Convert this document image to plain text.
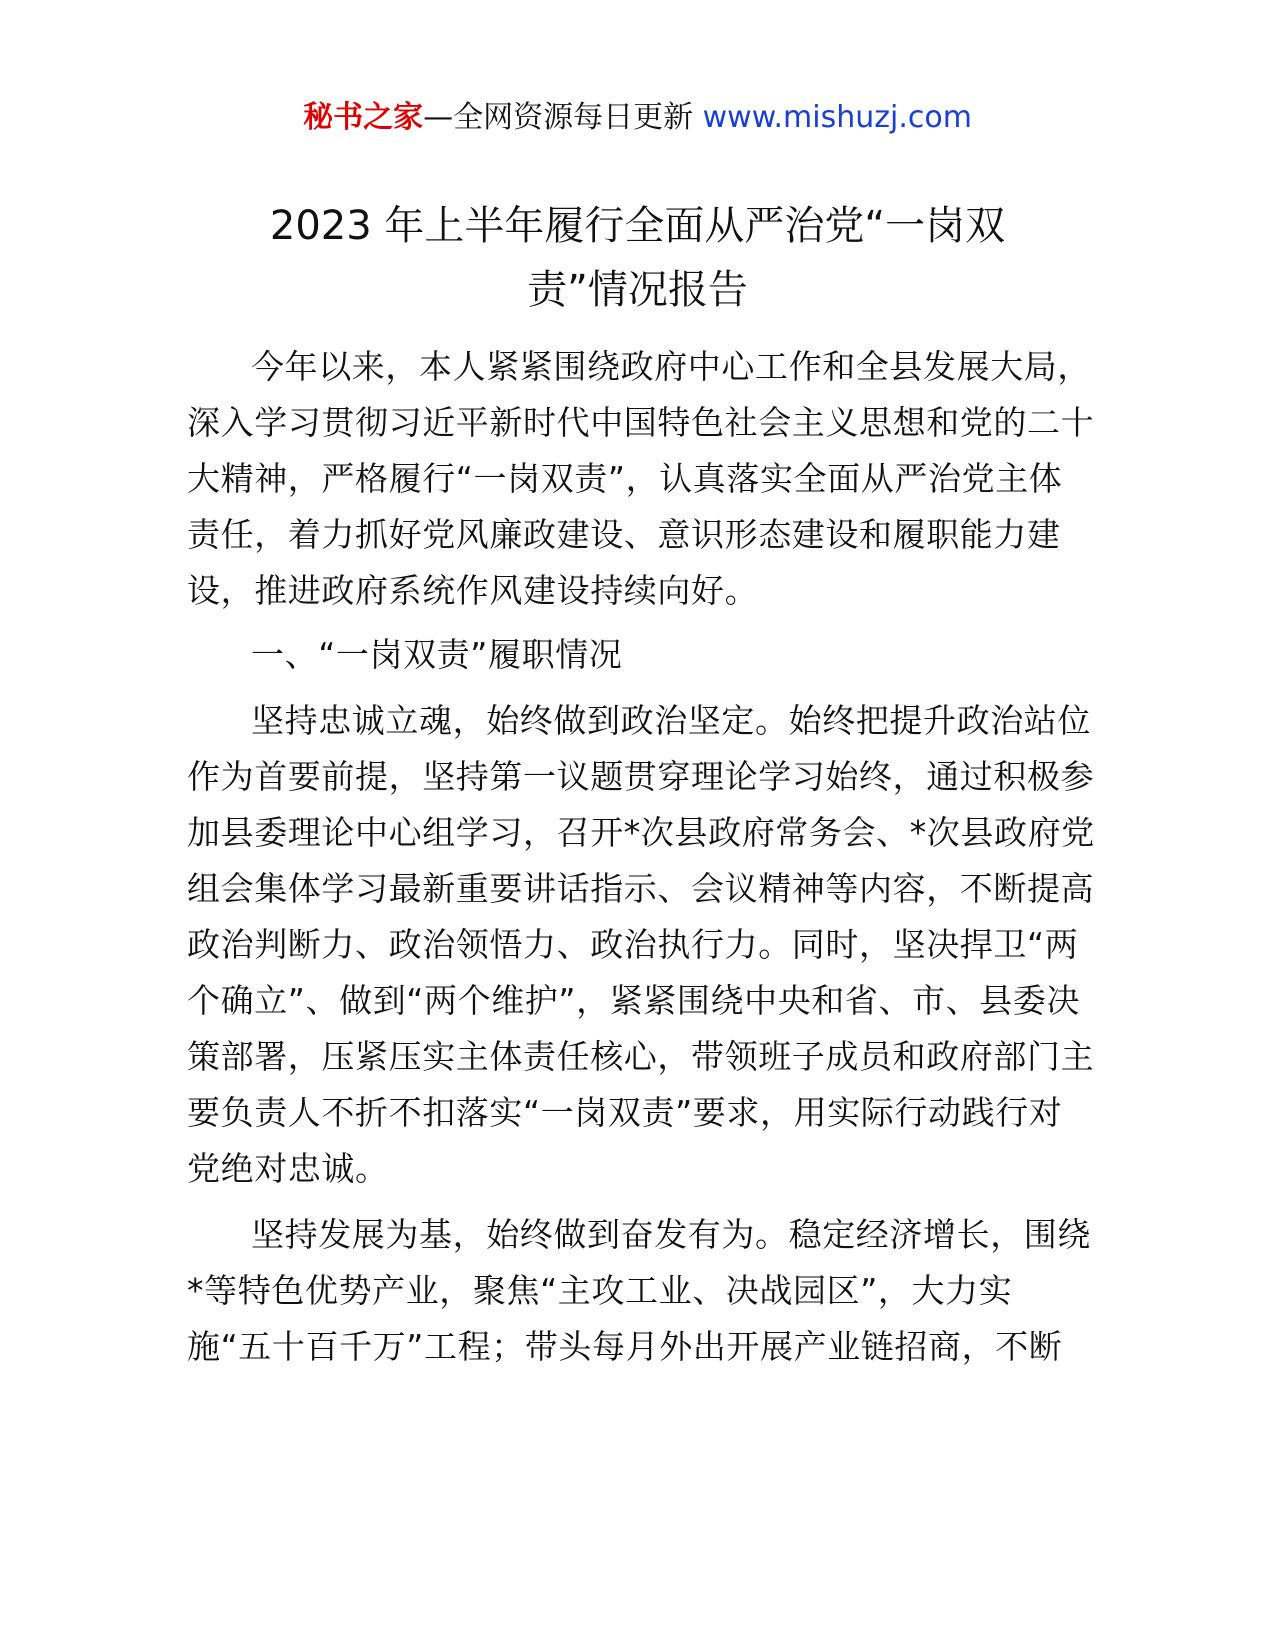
秘书之家—全网资源每日更新 www.mishuzj.com
2023 年上半年履行全面从严治党“一岗双
责”情况报告
今年以来，本人紧紧围绕政府中心工作和全县发展大局，
深入学习贯彻习近平新时代中国特色社会主义思想和党的二十
大精神，严格履行“一岗双责”，认真落实全面从严治党主体
责任，着力抓好党风廉政建设、意识形态建设和履职能力建
设，推进政府系统作风建设持续向好。
一、“一岗双责”履职情况
坚持忠诚立魂，始终做到政治坚定。始终把提升政治站位
作为首要前提，坚持第一议题贯穿理论学习始终，通过积极参
加县委理论中心组学习，召开*次县政府常务会、*次县政府党
组会集体学习最新重要讲话指示、会议精神等内容，不断提高
政治判断力、政治领悟力、政治执行力。同时，坚决捍卫“两
个确立”、做到“两个维护”，紧紧围绕中央和省、市、县委决
策部署，压紧压实主体责任核心，带领班子成员和政府部门主
要负责人不折不扣落实“一岗双责”要求，用实际行动践行对
党绝对忠诚。
坚持发展为基，始终做到奋发有为。稳定经济增长，围绕
*等特色优势产业，聚焦“主攻工业、决战园区”，大力实
施“五十百千万”工程；带头每月外出开展产业链招商，不断
